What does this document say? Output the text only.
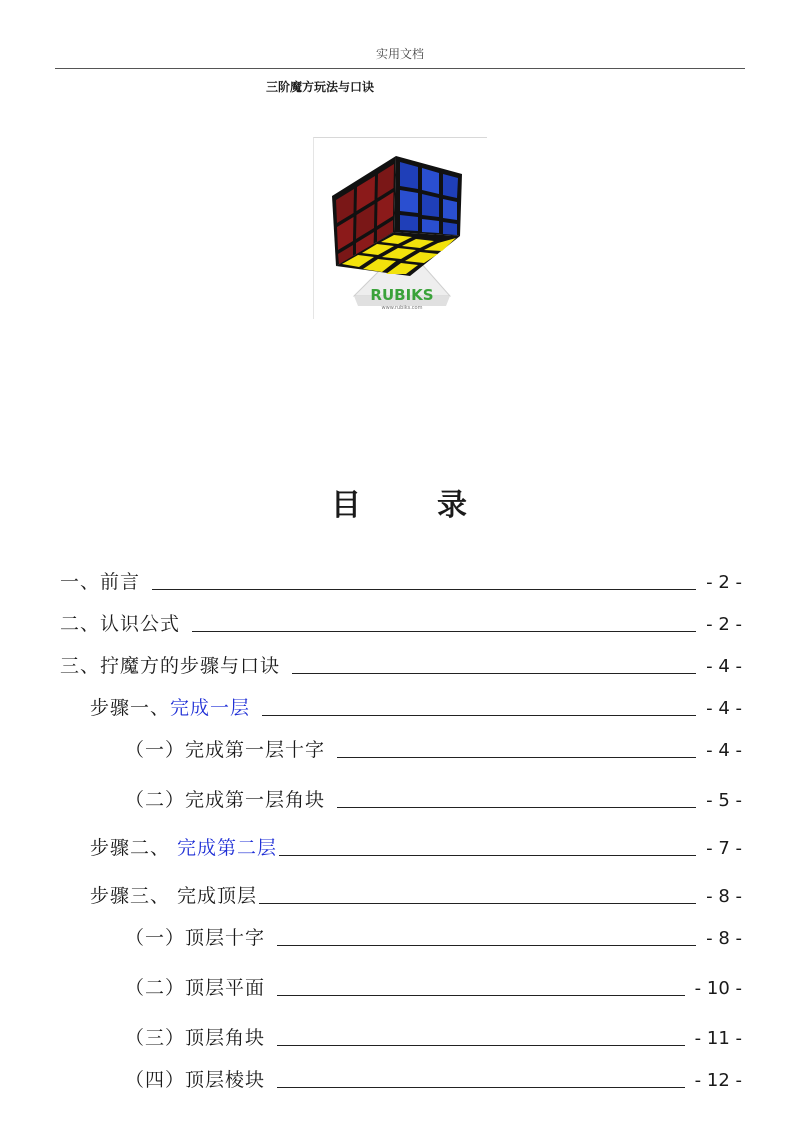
实用文档
三阶魔方玩法与口诀
RUBIKS
www.rubiks.com
目 录
一、前言	- 2 -
二、认识公式	- 2 -
三、拧魔方的步骤与口诀	- 4 -
步骤一、完成一层	- 4 -
（一）完成第一层十字	- 4 -
（二）完成第一层角块	- 5 -
步骤二、 完成第二层	- 7 -
步骤三、 完成顶层	- 8 -
（一）顶层十字	- 8 -
（二）顶层平面	- 10 -
（三）顶层角块	- 11 -
（四）顶层棱块	- 12 -
